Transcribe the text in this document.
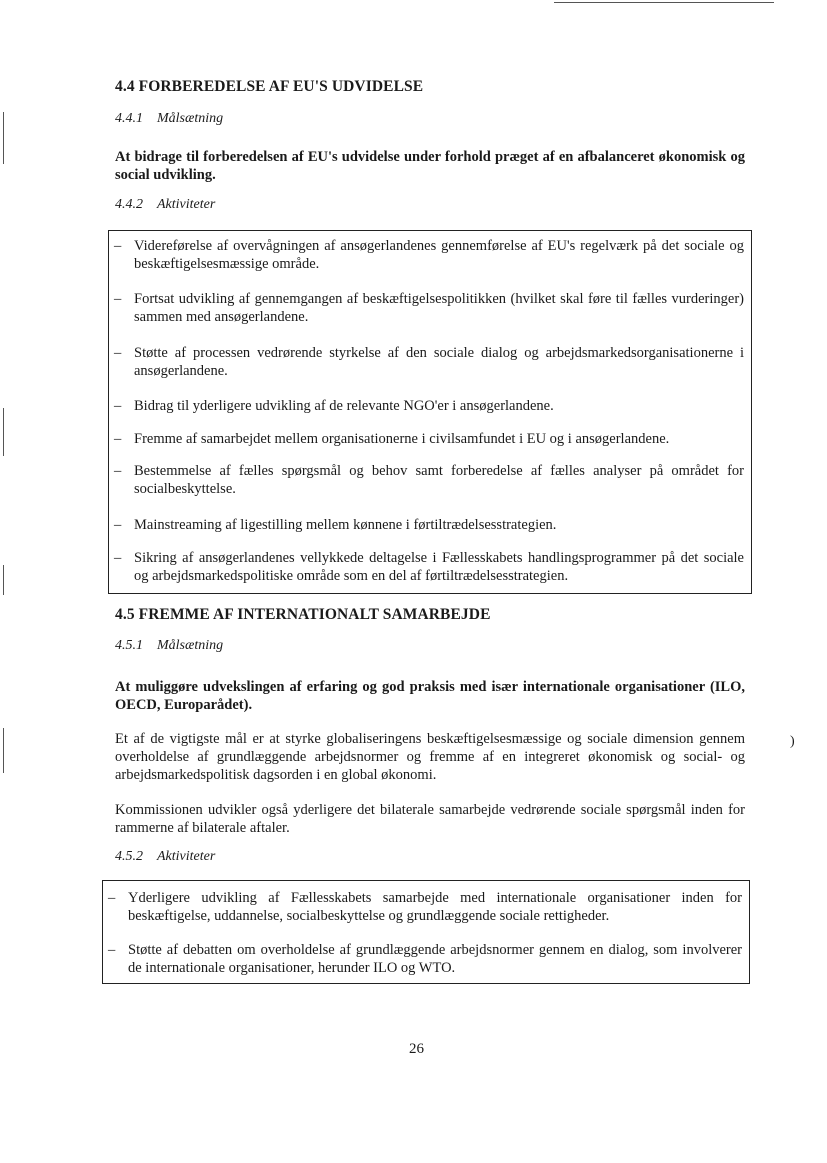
4.4 FORBEREDELSE AF EU'S UDVIDELSE
4.4.1 Målsætning
At bidrage til forberedelsen af EU's udvidelse under forhold præget af en afbalanceret økonomisk og social udvikling.
4.4.2 Aktiviteter
– Videreførelse af overvågningen af ansøgerlandenes gennemførelse af EU's regelværk på det sociale og beskæftigelsesmæssige område.
– Fortsat udvikling af gennemgangen af beskæftigelsespolitikken (hvilket skal føre til fælles vurderinger) sammen med ansøgerlandene.
– Støtte af processen vedrørende styrkelse af den sociale dialog og arbejdsmarkedsorganisationerne i ansøgerlandene.
– Bidrag til yderligere udvikling af de relevante NGO'er i ansøgerlandene.
– Fremme af samarbejdet mellem organisationerne i civilsamfundet i EU og i ansøgerlandene.
– Bestemmelse af fælles spørgsmål og behov samt forberedelse af fælles analyser på området for socialbeskyttelse.
– Mainstreaming af ligestilling mellem kønnene i førtiltrædelsesstrategien.
– Sikring af ansøgerlandenes vellykkede deltagelse i Fællesskabets handlingsprogrammer på det sociale og arbejdsmarkedspolitiske område som en del af førtiltrædelsesstrategien.
4.5 FREMME AF INTERNATIONALT SAMARBEJDE
4.5.1 Målsætning
At muliggøre udvekslingen af erfaring og god praksis med især internationale organisationer (ILO, OECD, Europarådet).
Et af de vigtigste mål er at styrke globaliseringens beskæftigelsesmæssige og sociale dimension gennem overholdelse af grundlæggende arbejdsnormer og fremme af en integreret økonomisk og social- og arbejdsmarkedspolitisk dagsorden i en global økonomi.
Kommissionen udvikler også yderligere det bilaterale samarbejde vedrørende sociale spørgsmål inden for rammerne af bilaterale aftaler.
4.5.2 Aktiviteter
– Yderligere udvikling af Fællesskabets samarbejde med internationale organisationer inden for beskæftigelse, uddannelse, socialbeskyttelse og grundlæggende sociale rettigheder.
– Støtte af debatten om overholdelse af grundlæggende arbejdsnormer gennem en dialog, som involverer de internationale organisationer, herunder ILO og WTO.
)
26
